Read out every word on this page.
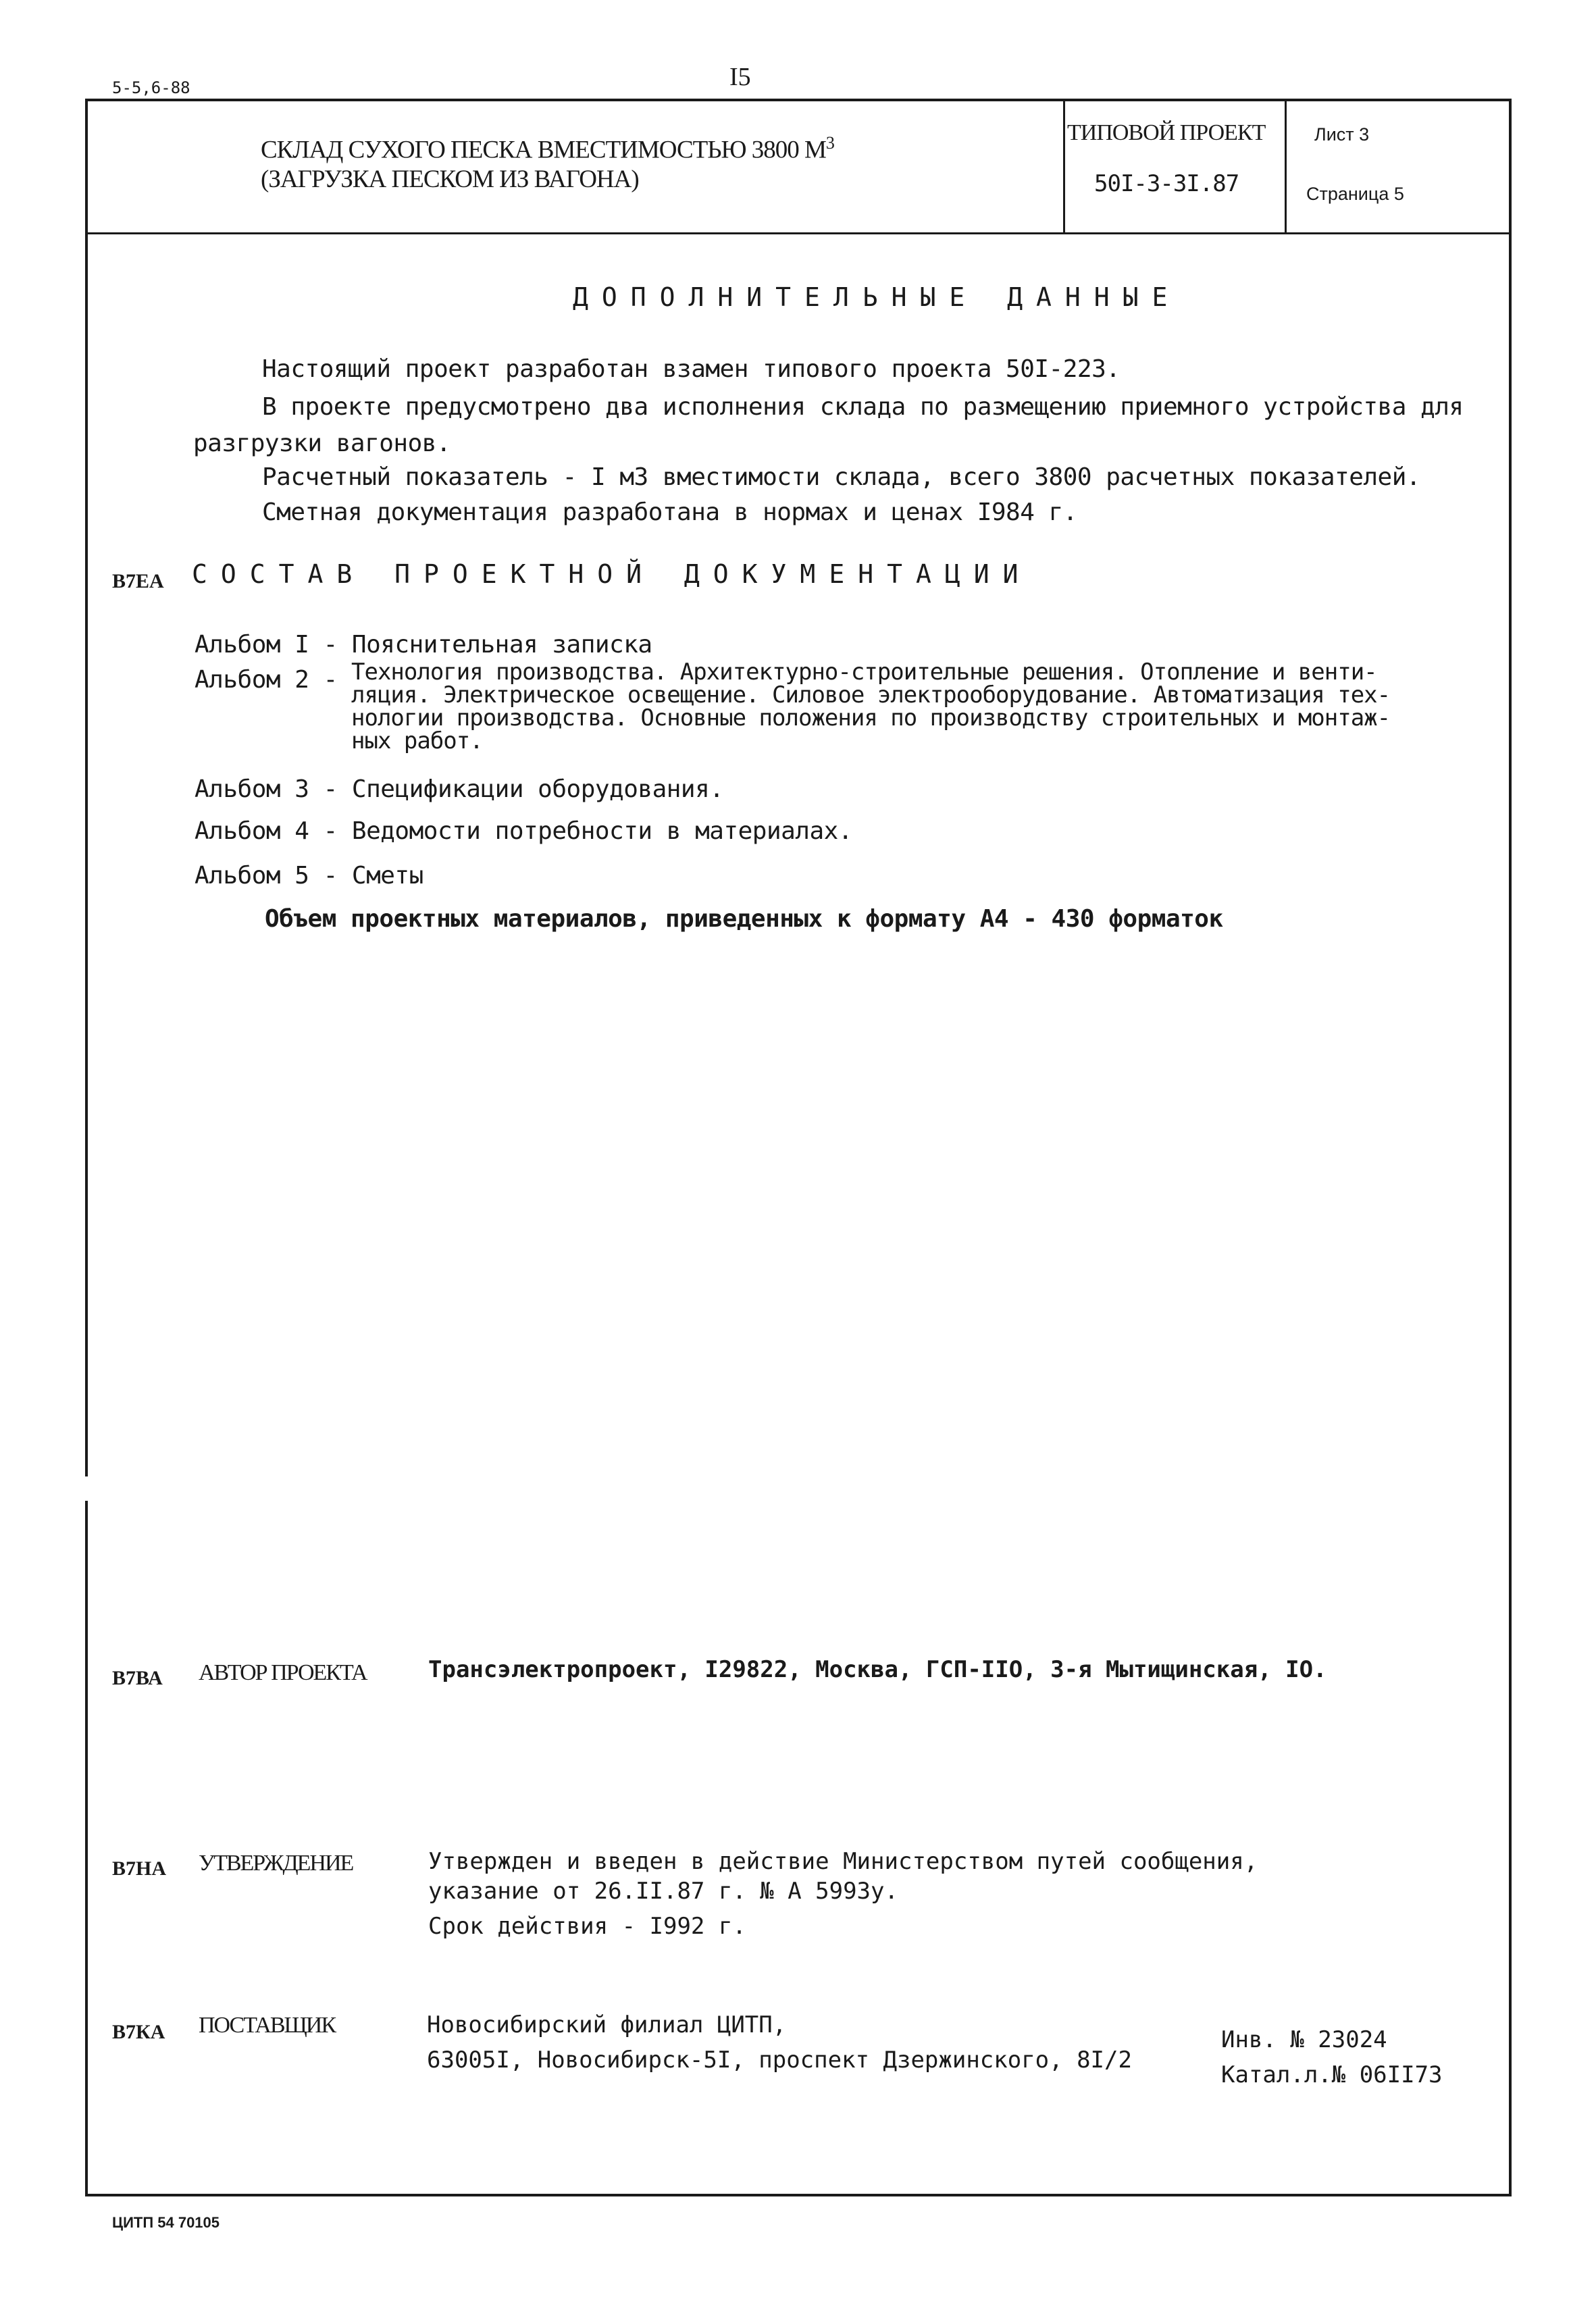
5-5,6-88	I5
СКЛАД СУХОГО ПЕСКА ВМЕСТИМОСТЬЮ 3800 $М^3$
(ЗАГРУЗКА ПЕСКОМ ИЗ ВАГОНА)
ТИПОВОЙ ПРОЕКТ
50I-3-3I.87
Лист 3
Страница 5
ДОПОЛНИТЕЛЬНЫЕ ДАННЫЕ
Настоящий проект разработан взамен типового проекта 50I-223.
В проекте предусмотрено два исполнения склада по размещению приемного устройства для
разгрузки вагонов.
Расчетный показатель - I м3 вместимости склада, всего 3800 расчетных показателей.
Сметная документация разработана в нормах и ценах I984 г.
В7ЕА СОСТАВ ПРОЕКТНОЙ ДОКУМЕНТАЦИИ
Альбом I - Пояснительная записка
Альбом 2 - Технология производства. Архитектурно-строительные решения. Отопление и венти-
ляция. Электрическое освещение. Силовое электрооборудование. Автоматизация тех-
нологии производства. Основные положения по производству строительных и монтаж-
ных работ.
Альбом 3 - Спецификации оборудования.
Альбом 4 - Ведомости потребности в материалах.
Альбом 5 - Сметы
Объем проектных материалов, приведенных к формату А4 - 430 форматок
В7ВА АВТОР ПРОЕКТА	Трансэлектропроект, I29822, Москва, ГСП-IIO, 3-я Мытищинская, IO.
В7НА УТВЕРЖДЕНИЕ	Утвержден и введен в действие Министерством путей сообщения,
указание от 26.II.87 г. № А 5993у.
Срок действия - I992 г.
В7КА ПОСТАВЩИК	Новосибирский филиал ЦИТП,
63005I, Новосибирск-5I, проспект Дзержинского, 8I/2
Инв. № 23024
Катал.л.№ 06II73
ЦИТП 54 70105
